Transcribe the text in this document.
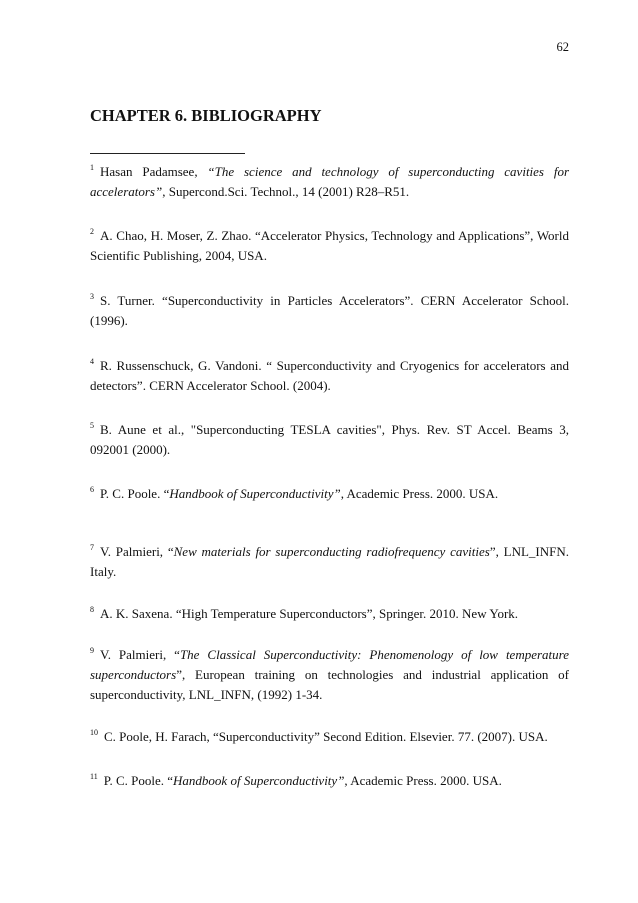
62
CHAPTER 6. BIBLIOGRAPHY
$^1$ Hasan Padamsee, “The science and technology of superconducting cavities for accelerators”, Supercond.Sci. Technol., 14 (2001) R28–R51.
$^2$ A. Chao, H. Moser, Z. Zhao. “Accelerator Physics, Technology and Applications”, World Scientific Publishing, 2004, USA.
$^3$ S. Turner. “Superconductivity in Particles Accelerators”. CERN Accelerator School. (1996).
$^4$ R. Russenschuck, G. Vandoni. “ Superconductivity and Cryogenics for accelerators and detectors”. CERN Accelerator School. (2004).
$^5$ B. Aune et al., "Superconducting TESLA cavities", Phys. Rev. ST Accel. Beams 3, 092001 (2000).
$^6$ P. C. Poole. “Handbook of Superconductivity”, Academic Press. 2000. USA.
$^7$ V. Palmieri, “New materials for superconducting radiofrequency cavities”, LNL_INFN. Italy.
$^8$ A. K. Saxena. “High Temperature Superconductors”, Springer. 2010. New York.
$^9$ V. Palmieri, “The Classical Superconductivity: Phenomenology of low temperature superconductors”, European training on technologies and industrial application of superconductivity, LNL_INFN, (1992) 1-34.
$^{10}$ C. Poole, H. Farach, “Superconductivity” Second Edition. Elsevier. 77. (2007). USA.
$^{11}$ P. C. Poole. “Handbook of Superconductivity”, Academic Press. 2000. USA.
